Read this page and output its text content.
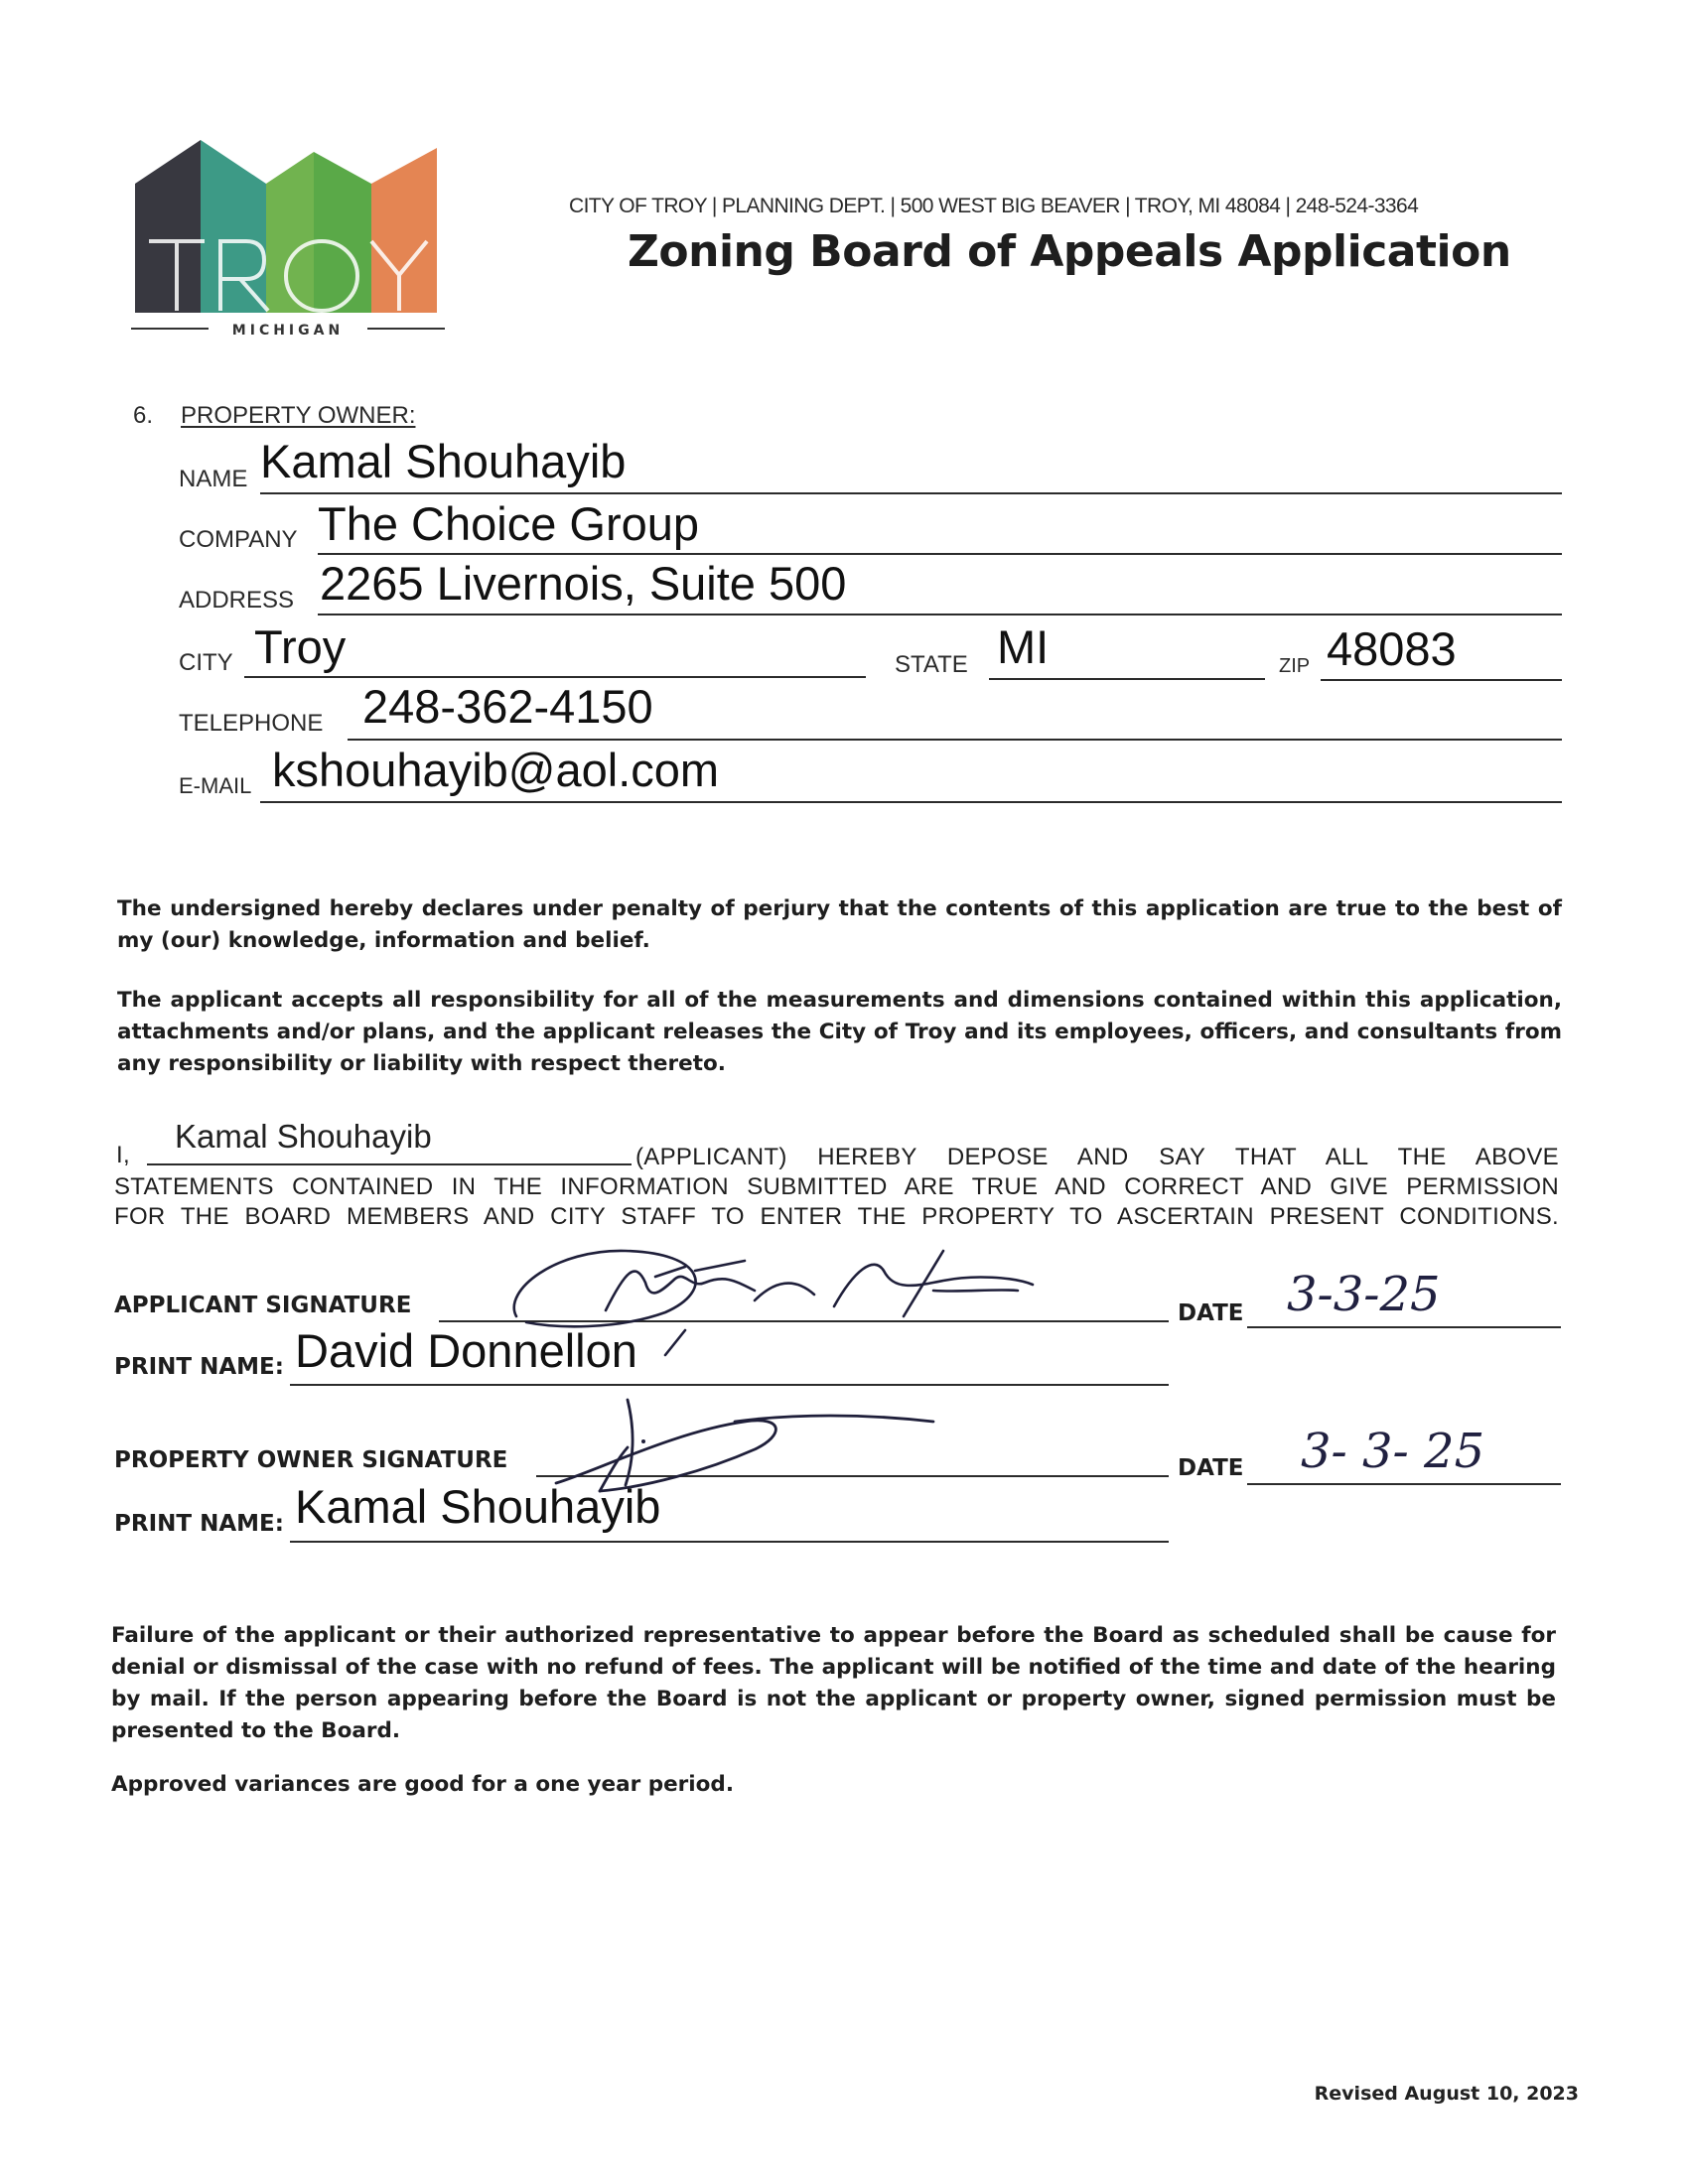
MICHIGAN
CITY OF TROY | PLANNING DEPT. | 500 WEST BIG BEAVER | TROY, MI 48084 | 248-524-3364
Zoning Board of Appeals Application
6. PROPERTY OWNER:
NAME Kamal Shouhayib
COMPANY The Choice Group
ADDRESS 2265 Livernois, Suite 500
CITY Troy	STATE MI	ZIP 48083
TELEPHONE 248-362-4150
E-MAIL kshouhayib@aol.com
The undersigned hereby declares under penalty of perjury that the contents of this application are true to the best of my (our) knowledge, information and belief.
The applicant accepts all responsibility for all of the measurements and dimensions contained within this application, attachments and/or plans, and the applicant releases the City of Troy and its employees, officers, and consultants from any responsibility or liability with respect thereto.
I,
Kamal Shouhayib
(APPLICANT) HEREBY DEPOSE AND SAY THAT ALL THE ABOVE
STATEMENTS CONTAINED IN THE INFORMATION SUBMITTED ARE TRUE AND CORRECT AND GIVE PERMISSION
FOR THE BOARD MEMBERS AND CITY STAFF TO ENTER THE PROPERTY TO ASCERTAIN PRESENT CONDITIONS.
APPLICANT SIGNATURE	DATE 3-3-25
PRINT NAME: David Donnellon
PROPERTY OWNER SIGNATURE	DATE 3- 3- 25
PRINT NAME: Kamal Shouhayib
Failure of the applicant or their authorized representative to appear before the Board as scheduled shall be cause for denial or dismissal of the case with no refund of fees. The applicant will be notified of the time and date of the hearing by mail. If the person appearing before the Board is not the applicant or property owner, signed permission must be presented to the Board.
Approved variances are good for a one year period.
Revised August 10, 2023
